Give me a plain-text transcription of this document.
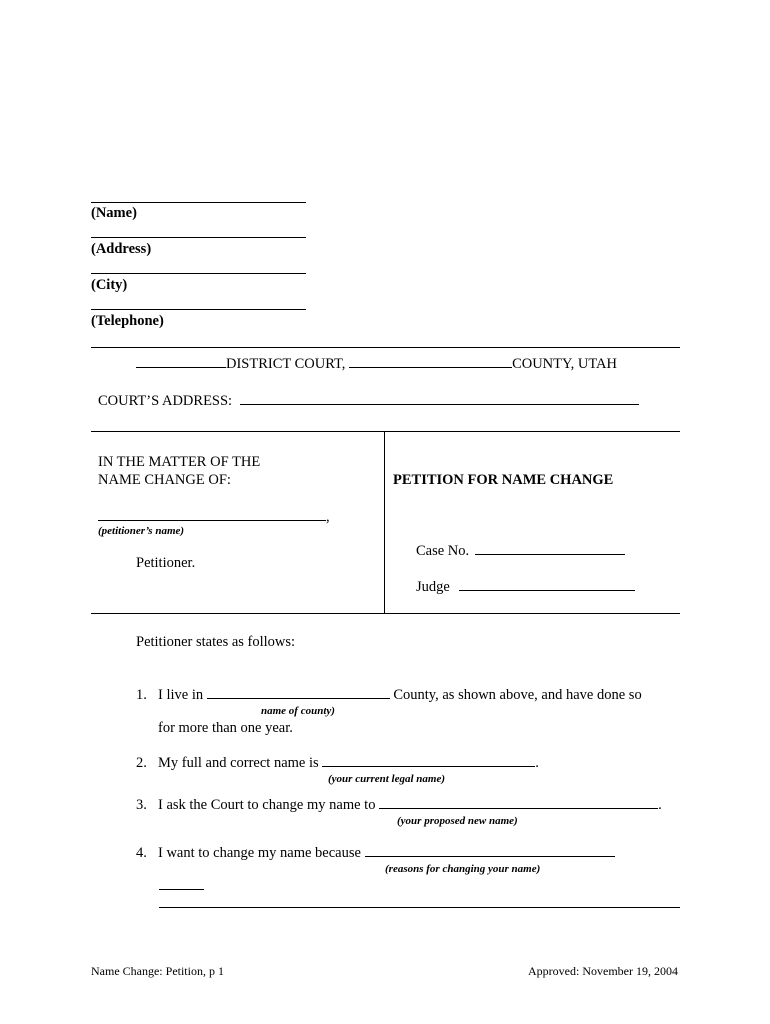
(Name)
(Address)
(City)
(Telephone)
DISTRICT COURT,	COUNTY, UTAH
COURT’S ADDRESS:
IN THE MATTER OF THE
NAME CHANGE OF:
,
(petitioner’s name)
Petitioner.
PETITION FOR NAME CHANGE
Case No.
Judge
Petitioner states as follows:
1. I live in	County, as shown above, and have done so
name of county)
for more than one year.
2. My full and correct name is	.
(your current legal name)
3. I ask the Court to change my name to	.
(your proposed new name)
4. I want to change my name because
(reasons for changing your name)
Name Change: Petition, p 1	Approved: November 19, 2004
